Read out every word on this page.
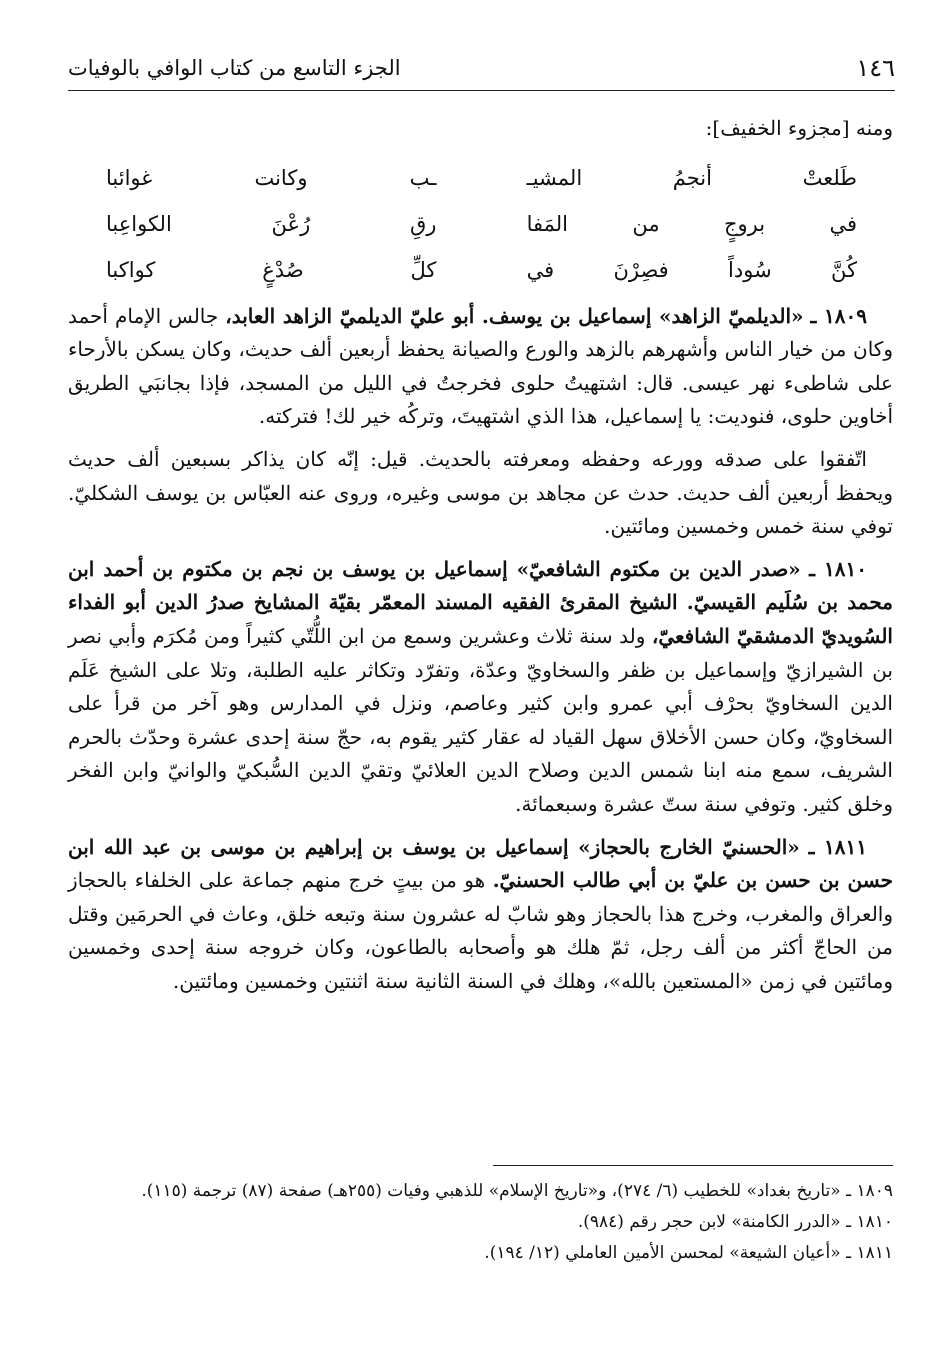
١٤٦
الجزء التاسع من كتاب الوافي بالوفيات

ومنه [مجزوء الخفيف]:

طَلعتْ أنجمُ المشيـ
ـب وكانت غوائبا
في بروجٍ من المَفا
رقِ رُعْنَ الكواعِبا
كُنَّ سُوداً فصِرْنَ في
كلِّ صُدْغٍ كواكبا

١٨٠٩ ـ «الديلميّ الزاهد» إسماعيل بن يوسف. أبو عليّ الديلميّ الزاهد العابد، جالس الإمام أحمد وكان من خيار الناس وأشهرهم بالزهد والورع والصيانة يحفظ أربعين ألف حديث، وكان يسكن بالأرحاء على شاطىء نهر عيسى. قال: اشتهيتُ حلوى فخرجتُ في الليل من المسجد، فإذا بجانبَي الطريق أخاوين حلوى، فنوديت: يا إسماعيل، هذا الذي اشتهيتَ، وتركُه خير لك! فتركته.

اتّفقوا على صدقه وورعه وحفظه ومعرفته بالحديث. قيل: إنّه كان يذاكر بسبعين ألف حديث ويحفظ أربعين ألف حديث. حدث عن مجاهد بن موسى وغيره، وروى عنه العبّاس بن يوسف الشكليّ. توفي سنة خمس وخمسين ومائتين.

١٨١٠ ـ «صدر الدين بن مكتوم الشافعيّ» إسماعيل بن يوسف بن نجم بن مكتوم بن أحمد ابن محمد بن سُلَيم القيسيّ. الشيخ المقرئ الفقيه المسند المعمّر بقيّة المشايخ صدرُ الدين أبو الفداء السُويديّ الدمشقيّ الشافعيّ، ولد سنة ثلاث وعشرين وسمع من ابن اللُّتّي كثيراً ومن مُكرَم وأبي نصر بن الشيرازيّ وإسماعيل بن ظفر والسخاويّ وعدّة، وتفرّد وتكاثر عليه الطلبة، وتلا على الشيخ عَلَم الدين السخاويّ بحرْف أبي عمرو وابن كثير وعاصم، ونزل في المدارس وهو آخر من قرأ على السخاويّ، وكان حسن الأخلاق سهل القياد له عقار كثير يقوم به، حجّ سنة إحدى عشرة وحدّث بالحرم الشريف، سمع منه ابنا شمس الدين وصلاح الدين العلائيّ وتقيّ الدين السُّبكيّ والوانيّ وابن الفخر وخلق كثير. وتوفي سنة ستّ عشرة وسبعمائة.

١٨١١ ـ «الحسنيّ الخارج بالحجاز» إسماعيل بن يوسف بن إبراهيم بن موسى بن عبد الله ابن حسن بن حسن بن عليّ بن أبي طالب الحسنيّ. هو من بيتٍ خرج منهم جماعة على الخلفاء بالحجاز والعراق والمغرب، وخرج هذا بالحجاز وهو شابّ له عشرون سنة وتبعه خلق، وعاث في الحرمَين وقتل من الحاجّ أكثر من ألف رجل، ثمّ هلك هو وأصحابه بالطاعون، وكان خروجه سنة إحدى وخمسين ومائتين في زمن «المستعين بالله»، وهلك في السنة الثانية سنة اثنتين وخمسين ومائتين.

١٨٠٩ ـ «تاريخ بغداد» للخطيب (٦/ ٢٧٤)، و«تاريخ الإسلام» للذهبي وفيات (٢٥٥هـ) صفحة (٨٧) ترجمة (١١٥).

١٨١٠ ـ «الدرر الكامنة» لابن حجر رقم (٩٨٤).

١٨١١ ـ «أعيان الشيعة» لمحسن الأمين العاملي (١٢/ ١٩٤).
